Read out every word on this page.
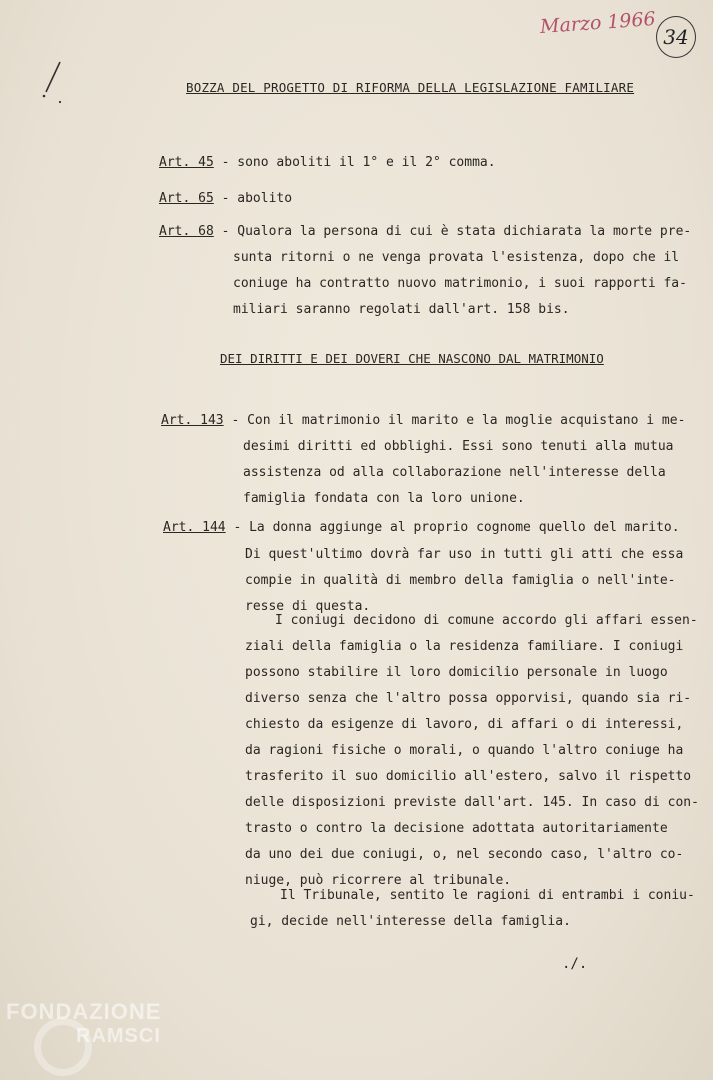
Marzo 1966 34
BOZZA DEL PROGETTO DI RIFORMA DELLA LEGISLAZIONE FAMILIARE
Art. 45 - sono aboliti il 1° e il 2° comma.
Art. 65 - abolito
Art. 68 - Qualora la persona di cui è stata dichiarata la morte pre-
sunta ritorni o ne venga provata l'esistenza, dopo che il
coniuge ha contratto nuovo matrimonio, i suoi rapporti fa-
miliari saranno regolati dall'art. 158 bis.
DEI DIRITTI E DEI DOVERI CHE NASCONO DAL MATRIMONIO
Art. 143 - Con il matrimonio il marito e la moglie acquistano i me-
desimi diritti ed obblighi. Essi sono tenuti alla mutua
assistenza od alla collaborazione nell'interesse della
famiglia fondata con la loro unione.
Art. 144 - La donna aggiunge al proprio cognome quello del marito.
Di quest'ultimo dovrà far uso in tutti gli atti che essa
compie in qualità di membro della famiglia o nell'inte-
resse di questa.
I coniugi decidono di comune accordo gli affari essen-
ziali della famiglia o la residenza familiare. I coniugi
possono stabilire il loro domicilio personale in luogo
diverso senza che l'altro possa opporvisi, quando sia ri-
chiesto da esigenze di lavoro, di affari o di interessi,
da ragioni fisiche o morali, o quando l'altro coniuge ha
trasferito il suo domicilio all'estero, salvo il rispetto
delle disposizioni previste dall'art. 145. In caso di con-
trasto o contro la decisione adottata autoritariamente
da uno dei due coniugi, o, nel secondo caso, l'altro co-
niuge, può ricorrere al tribunale.
Il Tribunale, sentito le ragioni di entrambi i coniu-
gi, decide nell'interesse della famiglia.
./.
FONDAZIONE
RAMSCI
